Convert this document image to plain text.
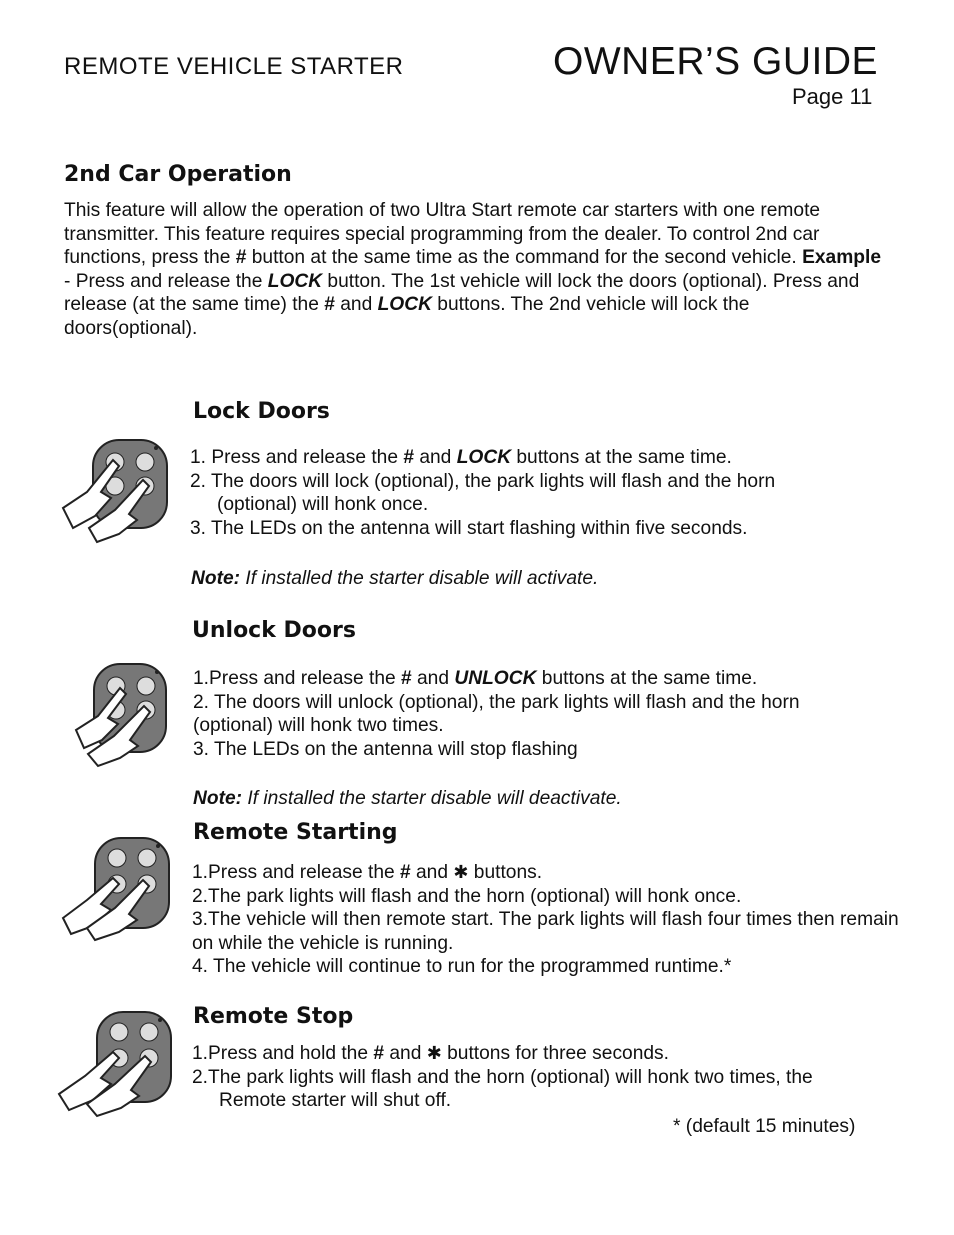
REMOTE VEHICLE STARTER	OWNER’S GUIDE
Page 11
2nd Car Operation
This feature will allow the operation of two Ultra Start remote car starters with one remote transmitter. This feature requires special programming from the dealer. To control 2nd car functions, press the # button at the same time as the command for the second vehicle. Example - Press and release the LOCK button. The 1st vehicle will lock the doors (optional). Press and release (at the same time) the # and LOCK buttons. The 2nd vehicle will lock the doors(optional).
Lock Doors

1. Press and release the # and LOCK buttons at the same time.

2. The doors will lock (optional), the park lights will flash and the horn

(optional) will honk once.

3. The LEDs on the antenna will start flashing within five seconds.

Note: If installed the starter disable will activate.
Unlock Doors

1.Press and release the # and UNLOCK buttons at the same time.

2. The doors will unlock (optional), the park lights will flash and the horn (optional) will honk two times.

3. The LEDs on the antenna will stop flashing

Note: If installed the starter disable will deactivate.
Remote Starting

1.Press and release the # and ✱ buttons.

2.The park lights will flash and the horn (optional) will honk once.

3.The vehicle will then remote start. The park lights will flash four times then remain on while the vehicle is running.

4. The vehicle will continue to run for the programmed runtime.*

Remote Stop

1.Press and hold the # and ✱ buttons for three seconds.

2.The park lights will flash and the horn (optional) will honk two times, the

Remote starter will shut off.

* (default 15 minutes)
